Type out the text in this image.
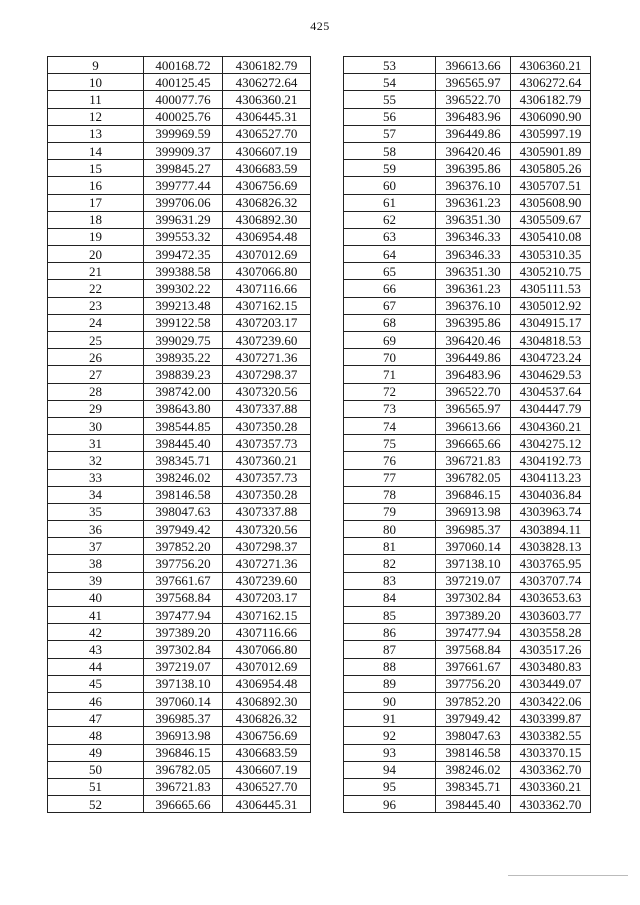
425
9	400168.72	4306182.79
10	400125.45	4306272.64
11	400077.76	4306360.21
12	400025.76	4306445.31
13	399969.59	4306527.70
14	399909.37	4306607.19
15	399845.27	4306683.59
16	399777.44	4306756.69
17	399706.06	4306826.32
18	399631.29	4306892.30
19	399553.32	4306954.48
20	399472.35	4307012.69
21	399388.58	4307066.80
22	399302.22	4307116.66
23	399213.48	4307162.15
24	399122.58	4307203.17
25	399029.75	4307239.60
26	398935.22	4307271.36
27	398839.23	4307298.37
28	398742.00	4307320.56
29	398643.80	4307337.88
30	398544.85	4307350.28
31	398445.40	4307357.73
32	398345.71	4307360.21
33	398246.02	4307357.73
34	398146.58	4307350.28
35	398047.63	4307337.88
36	397949.42	4307320.56
37	397852.20	4307298.37
38	397756.20	4307271.36
39	397661.67	4307239.60
40	397568.84	4307203.17
41	397477.94	4307162.15
42	397389.20	4307116.66
43	397302.84	4307066.80
44	397219.07	4307012.69
45	397138.10	4306954.48
46	397060.14	4306892.30
47	396985.37	4306826.32
48	396913.98	4306756.69
49	396846.15	4306683.59
50	396782.05	4306607.19
51	396721.83	4306527.70
52	396665.66	4306445.31
53	396613.66	4306360.21
54	396565.97	4306272.64
55	396522.70	4306182.79
56	396483.96	4306090.90
57	396449.86	4305997.19
58	396420.46	4305901.89
59	396395.86	4305805.26
60	396376.10	4305707.51
61	396361.23	4305608.90
62	396351.30	4305509.67
63	396346.33	4305410.08
64	396346.33	4305310.35
65	396351.30	4305210.75
66	396361.23	4305111.53
67	396376.10	4305012.92
68	396395.86	4304915.17
69	396420.46	4304818.53
70	396449.86	4304723.24
71	396483.96	4304629.53
72	396522.70	4304537.64
73	396565.97	4304447.79
74	396613.66	4304360.21
75	396665.66	4304275.12
76	396721.83	4304192.73
77	396782.05	4304113.23
78	396846.15	4304036.84
79	396913.98	4303963.74
80	396985.37	4303894.11
81	397060.14	4303828.13
82	397138.10	4303765.95
83	397219.07	4303707.74
84	397302.84	4303653.63
85	397389.20	4303603.77
86	397477.94	4303558.28
87	397568.84	4303517.26
88	397661.67	4303480.83
89	397756.20	4303449.07
90	397852.20	4303422.06
91	397949.42	4303399.87
92	398047.63	4303382.55
93	398146.58	4303370.15
94	398246.02	4303362.70
95	398345.71	4303360.21
96	398445.40	4303362.70
